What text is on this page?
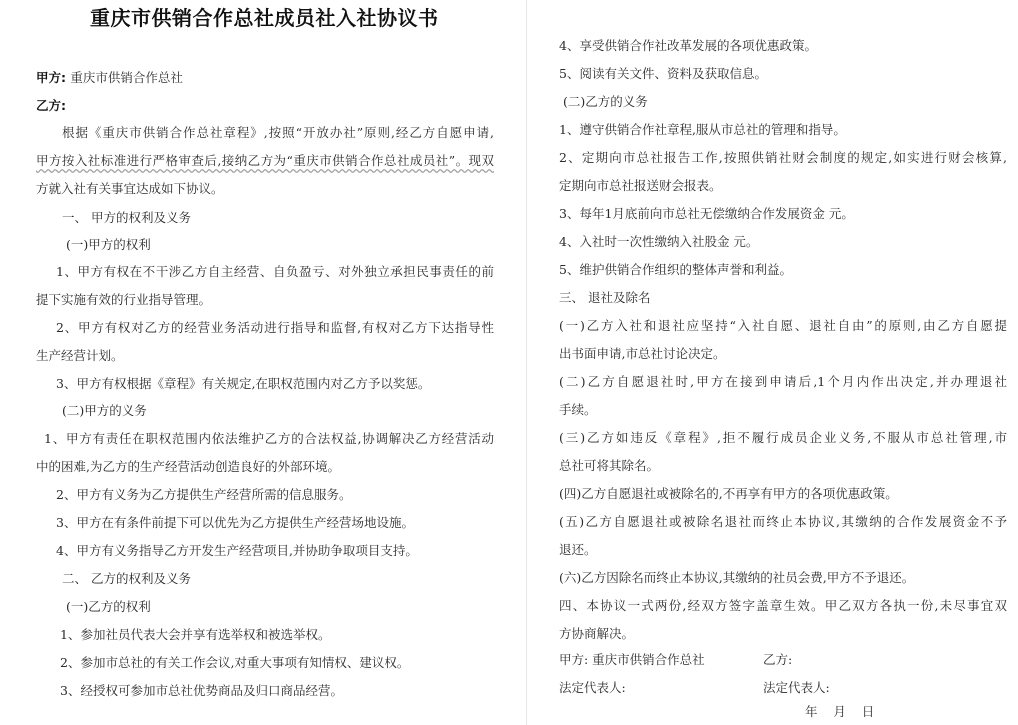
重庆市供销合作总社成员社入社协议书
甲方: 重庆市供销合作总社
乙方:
根据《重庆市供销合作总社章程》,按照“开放办社”原则,经乙方自愿申请,
甲方按入社标准进行严格审查后,接纳乙方为“重庆市供销合作总社成员社”。现双
方就入社有关事宜达成如下协议。
一、 甲方的权利及义务
(一)甲方的权利
1、甲方有权在不干涉乙方自主经营、自负盈亏、对外独立承担民事责任的前
提下实施有效的行业指导管理。
2、甲方有权对乙方的经营业务活动进行指导和监督,有权对乙方下达指导性
生产经营计划。
3、甲方有权根据《章程》有关规定,在职权范围内对乙方予以奖惩。
(二)甲方的义务
1、甲方有责任在职权范围内依法维护乙方的合法权益,协调解决乙方经营活动
中的困难,为乙方的生产经营活动创造良好的外部环境。
2、甲方有义务为乙方提供生产经营所需的信息服务。
3、甲方在有条件前提下可以优先为乙方提供生产经营场地设施。
4、甲方有义务指导乙方开发生产经营项目,并协助争取项目支持。
二、 乙方的权利及义务
(一)乙方的权利
1、参加社员代表大会并享有选举权和被选举权。
2、参加市总社的有关工作会议,对重大事项有知情权、建议权。
3、经授权可参加市总社优势商品及归口商品经营。
4、享受供销合作社改革发展的各项优惠政策。
5、阅读有关文件、资料及获取信息。
(二)乙方的义务
1、遵守供销合作社章程,服从市总社的管理和指导。
2、定期向市总社报告工作,按照供销社财会制度的规定,如实进行财会核算,
定期向市总社报送财会报表。
3、每年1月底前向市总社无偿缴纳合作发展资金 元。
4、入社时一次性缴纳入社股金 元。
5、维护供销合作组织的整体声誉和利益。
三、 退社及除名
(一)乙方入社和退社应坚持“入社自愿、退社自由”的原则,由乙方自愿提
出书面申请,市总社讨论决定。
(二)乙方自愿退社时,甲方在接到申请后,1个月内作出决定,并办理退社
手续。
(三)乙方如违反《章程》,拒不履行成员企业义务,不服从市总社管理,市
总社可将其除名。
(四)乙方自愿退社或被除名的,不再享有甲方的各项优惠政策。
(五)乙方自愿退社或被除名退社而终止本协议,其缴纳的合作发展资金不予
退还。
(六)乙方因除名而终止本协议,其缴纳的社员会费,甲方不予退还。
四、本协议一式两份,经双方签字盖章生效。甲乙双方各执一份,未尽事宜双
方协商解决。
甲方: 重庆市供销合作总社	乙方:
法定代表人:	法定代表人:
年    月    日
